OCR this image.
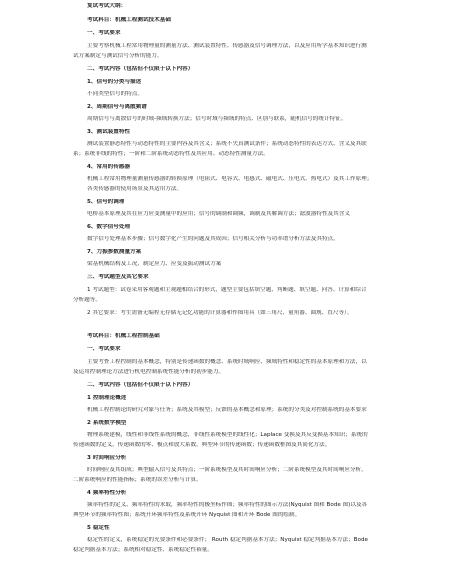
复试考试大纲：
考试科目：机械工程测试技术基础
一、考试要求
主要考察机械工程常用物理量的测量方法、测试装置特性、传感器及信号调理方法，以及应用所学基本知识进行测
试方案制定与测试信号分析的能力。
二、考试内容（包括但不仅限于以下内容）
1、信号的分类与描述
不同类型信号的特点。
2、周期信号与离散频谱
周期信号与离散信号的时域-频域转换方法；信号时域与频域的特点、区别与联系，随机信号的统计特征。
3、测试装置特性
测试装置静态特性与动态特性的主要内容及其含义；系统不失真测试条件；系统动态特性的表达方式、含义及其联
系；系统非线的特性；一阶和二阶系统动态特性及其应用、动态特性测量方法。
4、常用的传感器
机械工程常用物理量测量传感器的转换原理（电阻式、电容式、电感式、磁电式、压电式、热电式）及其工作原理；
各类传感器的使用场景及其适用方法。
5、信号的调理
电桥基本原理及其在应力应变测量中的应用；信号的调制和调频，调制及其解调方法；滤波器特性及其含义
6、数字信号处理
数字信号处理基本步骤；信号数字化产生的问题及其成因；信号相关分析与功率谱分析方法及其特点。
7、力振参数测量方案
梁基机械结构及工况，制定应力、应变及振动测试方案
三、考试题型及其它要求
1 考试题型：试卷采用客观题和主观题相结合的形式，题型主要包括填空题、判断题、填空题、问答、计算和综合
分析题等。
2 其它要求：考生需备无编程无存储无记忆功能的计算器和作图用具（如三角尺、量角器、圆规、直尺等）。
考试科目：机械工程控制基础
一、考试要求
主要考查工程控制的基本概念，特别是传递函数的概念、系统时域响应、频域特性和稳定性的基本原理和方法，以
及运用控制理论方法进行机电控制系统性能分析的初步能力。
二、考试内容（包括但不仅限于以下内容）
1 控制理论概述
机械工程控制论的研究对象与任务；系统及其模型；反馈的基本概念和原理；系统的分类及对控制系统的基本要求
2 系统数学模型
物理系统建模，线性和非线性系统的概念，非线性系统模型的线性化；Laplace 变换及其反变换基本知识；系统的
传递函数的定义，传递函数的零、极点和放大系数，典型环节的传递函数；传递函数框图及其简化方法。
3 时间响应分析
时间响应及其组成；典型输入信号及其特点；一阶系统模型及其时间响应分析；二阶系统模型及其时间响应分析，
二阶系统响应的性能指标；系统的误差分析与计算。
4 频率特性分析
频率特性的定义、频率特性的求取，频率特性的极坐标作图；频率特性的图示方法(Nyquist 图和 Bode 图)以及各
典型环节的频率特性图；系统开环频率特性及系统开环 Nyquist 图和开环 Bode 图的绘制。
5 稳定性
稳定性的定义，系统稳定的充要条件和必要条件； Routh 稳定判据基本方法；Nyquist 稳定判据基本方法；Bode
稳定判据基本方法；系统相对稳定性、系统稳定性裕量。
